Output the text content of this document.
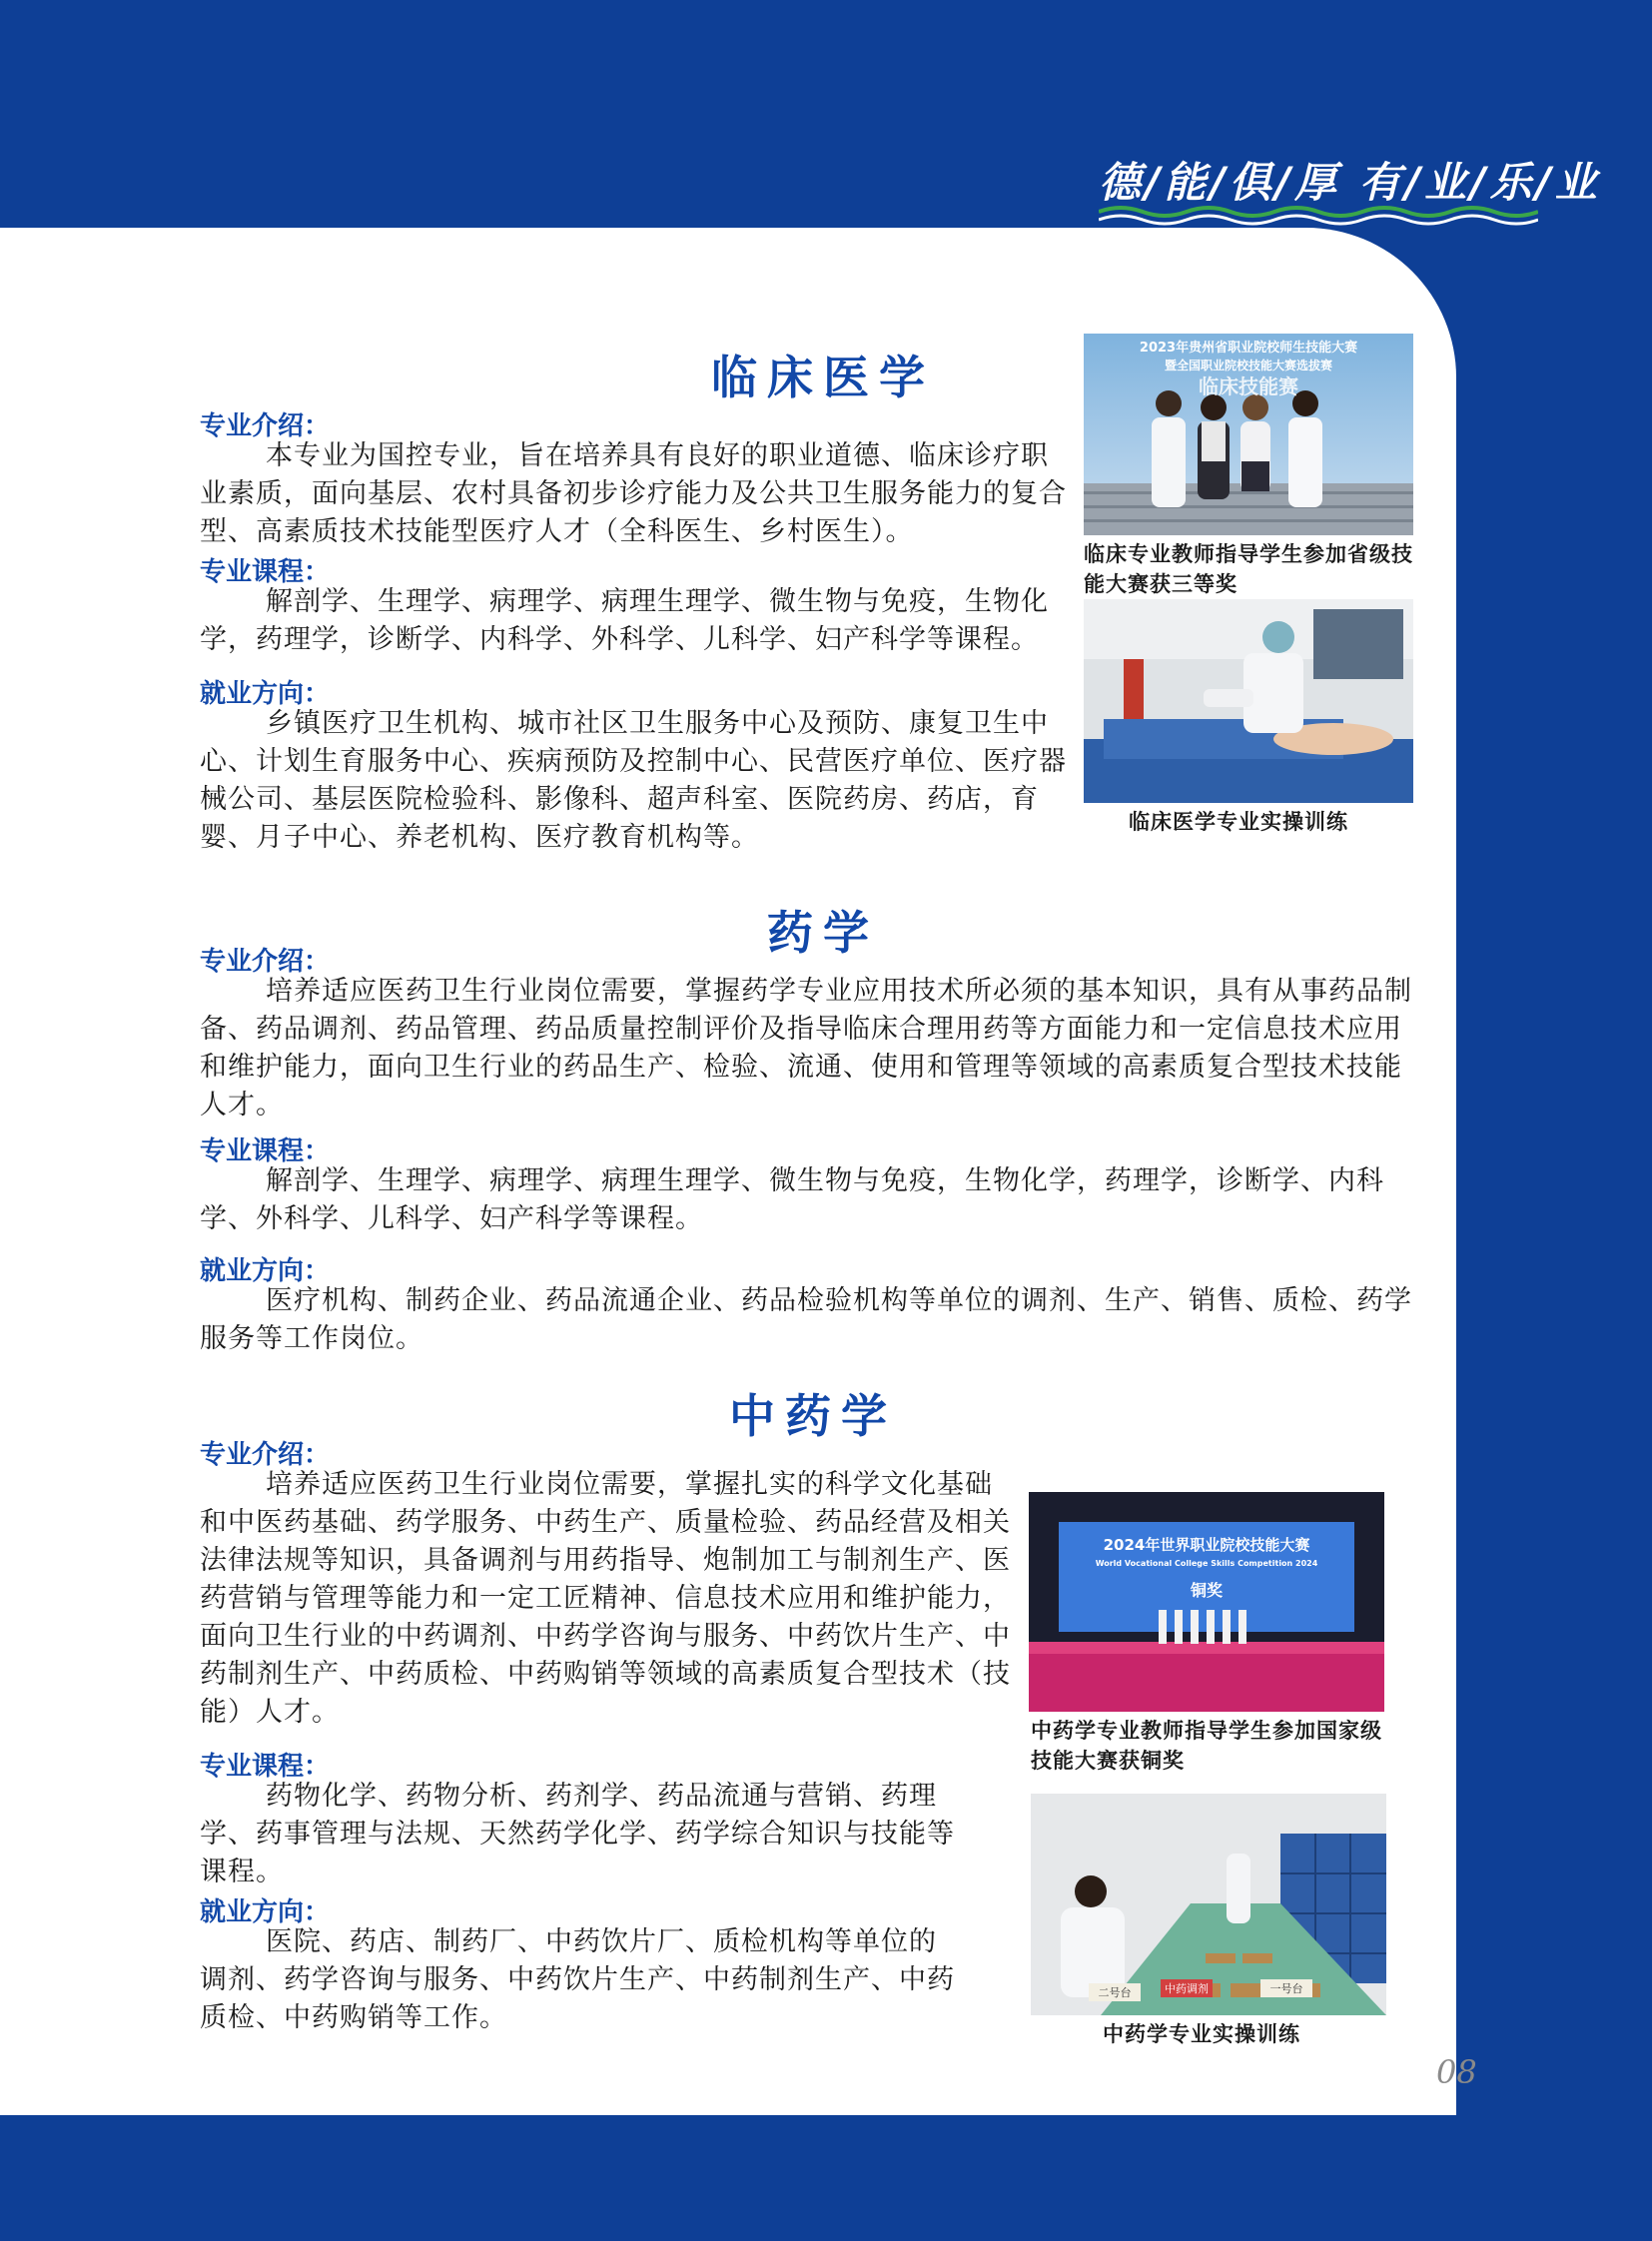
德/能/俱/厚 有/业/乐/业
临床医学
专业介绍：

本专业为国控专业，旨在培养具有良好的职业道德、临床诊疗职业素质，面向基层、农村具备初步诊疗能力及公共卫生服务能力的复合型、高素质技术技能型医疗人才（全科医生、乡村医生）。

专业课程：

解剖学、生理学、病理学、病理生理学、微生物与免疫，生物化学，药理学，诊断学、内科学、外科学、儿科学、妇产科学等课程。

就业方向：

乡镇医疗卫生机构、城市社区卫生服务中心及预防、康复卫生中心、计划生育服务中心、疾病预防及控制中心、民营医疗单位、医疗器械公司、基层医院检验科、影像科、超声科室、医院药房、药店，育婴、月子中心、养老机构、医疗教育机构等。

2023年贵州省职业院校师生技能大赛
暨全国职业院校技能大赛选拔赛
临床技能赛
临床专业教师指导学生参加省级技能大赛获三等奖
临床医学专业实操训练
药学
专业介绍：

培养适应医药卫生行业岗位需要，掌握药学专业应用技术所必须的基本知识，具有从事药品制备、药品调剂、药品管理、药品质量控制评价及指导临床合理用药等方面能力和一定信息技术应用和维护能力，面向卫生行业的药品生产、检验、流通、使用和管理等领域的高素质复合型技术技能人才。

专业课程：

解剖学、生理学、病理学、病理生理学、微生物与免疫，生物化学，药理学，诊断学、内科学、外科学、儿科学、妇产科学等课程。

就业方向：

医疗机构、制药企业、药品流通企业、药品检验机构等单位的调剂、生产、销售、质检、药学服务等工作岗位。

中药学
专业介绍：

培养适应医药卫生行业岗位需要，掌握扎实的科学文化基础和中医药基础、药学服务、中药生产、质量检验、药品经营及相关法律法规等知识，具备调剂与用药指导、炮制加工与制剂生产、医药营销与管理等能力和一定工匠精神、信息技术应用和维护能力，面向卫生行业的中药调剂、中药学咨询与服务、中药饮片生产、中药制剂生产、中药质检、中药购销等领域的高素质复合型技术（技能）人才。

专业课程：

药物化学、药物分析、药剂学、药品流通与营销、药理学、药事管理与法规、天然药学化学、药学综合知识与技能等课程。

就业方向：

医院、药店、制药厂、中药饮片厂、质检机构等单位的调剂、药学咨询与服务、中药饮片生产、中药制剂生产、中药质检、中药购销等工作。

2024年世界职业院校技能大赛
World Vocational College Skills Competition 2024
铜奖
中药学专业教师指导学生参加国家级技能大赛获铜奖
二号台	中药调剂	一号台
中药学专业实操训练
08
